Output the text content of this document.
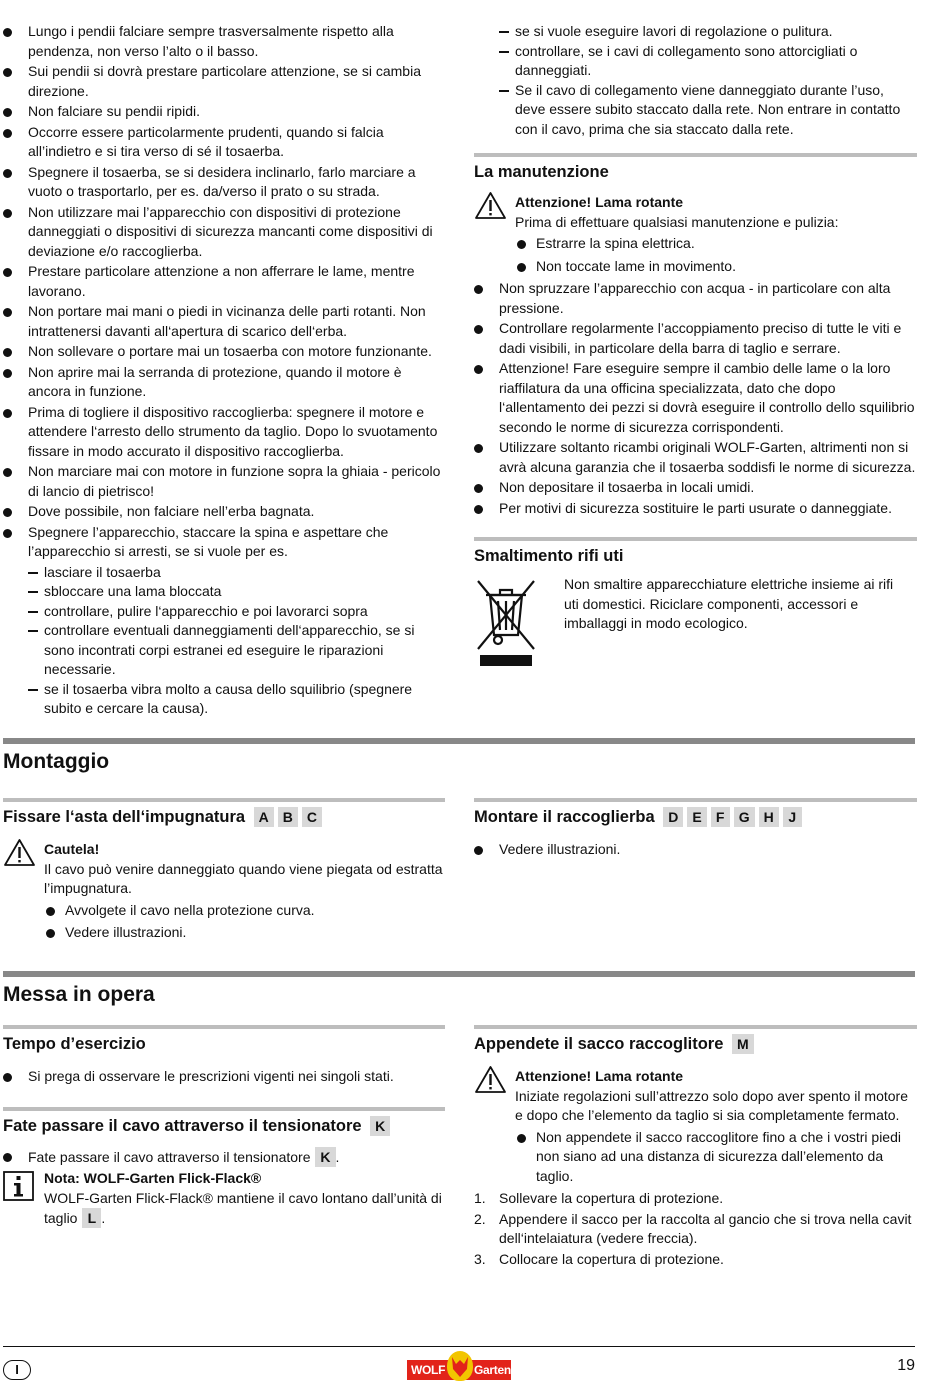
Lungo i pendii falciare sempre trasversalmente rispetto alla pendenza, non verso l’alto o il basso.
Sui pendii si dovrà prestare particolare attenzione, se si cambia direzione.
Non falciare su pendii ripidi.
Occorre essere particolarmente prudenti, quando si falcia all’indietro e si tira verso di sé il tosaerba.
Spegnere il tosaerba, se si desidera inclinarlo, farlo marciare a vuoto o trasportarlo, per es. da/verso il prato o su strada.
Non utilizzare mai l’apparecchio con dispositivi di protezione danneggiati o dispositivi di sicurezza mancanti come dispositivi di deviazione e/o raccoglierba.
Prestare particolare attenzione a non afferrare le lame, mentre lavorano.
Non portare mai mani o piedi in vicinanza delle parti rotanti. Non intrattenersi davanti all‘apertura di scarico dell‘erba.
Non sollevare o portare mai un tosaerba con motore funzionante.
Non aprire mai la serranda di protezione, quando il motore è ancora in funzione.
Prima di togliere il dispositivo raccoglierba: spegnere il motore e attendere l‘arresto dello strumento da taglio. Dopo lo svuotamento fissare in modo accurato il dispositivo raccoglierba.
Non marciare mai con motore in funzione sopra la ghiaia - pericolo di lancio di pietrisco!
Dove possibile, non falciare nell’erba bagnata.
Spegnere l’apparecchio, staccare la spina e aspettare che l’apparecchio si arresti, se si vuole per es.
lasciare il tosaerba
sbloccare una lama bloccata
controllare, pulire l‘apparecchio e poi lavorarci sopra
controllare eventuali danneggiamenti dell‘apparecchio, se si sono incontrati corpi estranei ed eseguire le riparazioni necessarie.
se il tosaerba vibra molto a causa dello squilibrio (spegnere subito e cercare la causa).
se si vuole eseguire lavori di regolazione o pulitura.
controllare, se i cavi di collegamento sono attorcigliati o danneggiati.
Se il cavo di collegamento viene danneggiato durante l’uso, deve essere subito staccato dalla rete. Non entrare in contatto con il cavo, prima che sia staccato dalla rete.
La manutenzione
Attenzione! Lama rotante
Prima di effettuare qualsiasi manutenzione e pulizia:
Estrarre la spina elettrica.
Non toccate lame in movimento.
Non spruzzare l’apparecchio con acqua - in particolare con alta pressione.
Controllare regolarmente l’accoppiamento preciso di tutte le viti e dadi visibili, in particolare della barra di taglio e serrare.
Attenzione! Fare eseguire sempre il cambio delle lame o la loro riaffilatura da una officina specializzata, dato che dopo l‘allentamento dei pezzi si dovrà eseguire il controllo dello squilibrio secondo le norme di sicurezza corrispondenti.
Utilizzare soltanto ricambi originali WOLF-Garten, altrimenti non si avrà alcuna garanzia che il tosaerba soddisfi le norme di sicurezza.
Non depositare il tosaerba in locali umidi.
Per motivi di sicurezza sostituire le parti usurate o danneggiate.
Smaltimento rifi uti
Non smaltire apparecchiature elettriche insieme ai rifi uti domestici. Riciclare componenti, accessori e imballaggi in modo ecologico.
Montaggio
Fissare l‘asta dell‘impugnatura A B C
Cautela!
Il cavo può venire danneggiato quando viene piegata od estratta l’impugnatura.
Avvolgete il cavo nella protezione curva.
Vedere illustrazioni.
Montare il raccoglierba D E F G H J
Vedere illustrazioni.
Messa in opera
Tempo d’esercizio
Si prega di osservare le prescrizioni vigenti nei singoli stati.
Fate passare il cavo attraverso il tensionatore K
Fate passare il cavo attraverso il tensionatore K .
Nota: WOLF-Garten Flick-Flack®
WOLF-Garten Flick-Flack® mantiene il cavo lontano dall’unità di taglio L .
Appendete il sacco raccoglitore M
Attenzione! Lama rotante
Iniziate regolazioni sull’attrezzo solo dopo aver spento il motore e dopo che l’elemento da taglio si sia completamente fermato.
Non appendete il sacco raccoglitore fino a che i vostri piedi non siano ad una distanza di sicurezza dall’elemento da taglio.
1. Sollevare la copertura di protezione.
2. Appendere il sacco per la raccolta al gancio che si trova nella cavit dell‘intelaiatura (vedere freccia).
3. Collocare la copertura di protezione.
I	WOLF Garten	19
